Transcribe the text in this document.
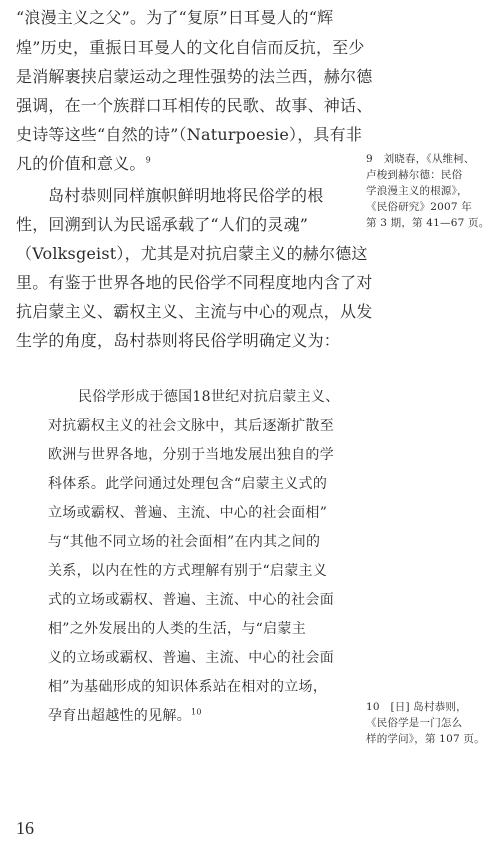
“浪漫主义之父”。为了“复原”日耳曼人的“辉
煌”历史，重振日耳曼人的文化自信而反抗，至少
是消解裹挟启蒙运动之理性强势的法兰西，赫尔德
强调，在一个族群口耳相传的民歌、故事、神话、
史诗等这些“自然的诗”（Naturpoesie），具有非
凡的价值和意义。$^9$
岛村恭则同样旗帜鲜明地将民俗学的根
性，回溯到认为民谣承载了“人们的灵魂”
（Volksgeist），尤其是对抗启蒙主义的赫尔德这
里。有鉴于世界各地的民俗学不同程度地内含了对
抗启蒙主义、霸权主义、主流与中心的观点，从发
生学的角度，岛村恭则将民俗学明确定义为：
民俗学形成于德国18世纪对抗启蒙主义、
对抗霸权主义的社会文脉中，其后逐渐扩散至
欧洲与世界各地，分别于当地发展出独自的学
科体系。此学问通过处理包含“启蒙主义式的
立场或霸权、普遍、主流、中心的社会面相”
与“其他不同立场的社会面相”在内其之间的
关系，以内在性的方式理解有别于“启蒙主义
式的立场或霸权、普遍、主流、中心的社会面
相”之外发展出的人类的生活，与“启蒙主
义的立场或霸权、普遍、主流、中心的社会面
相”为基础形成的知识体系站在相对的立场，
孕育出超越性的见解。$^{10}$
9　刘晓春，《从维柯、
卢梭到赫尔德：民俗
学浪漫主义的根源》，
《民俗研究》2007 年
第 3 期，第 41—67 页。
10　[日] 岛村恭则，
《民俗学是一门怎么
样的学问》，第 107 页。
16
